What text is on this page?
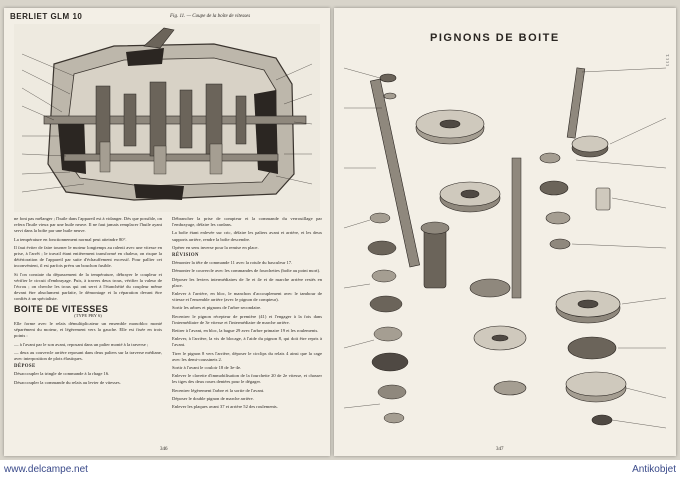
BERLIET GLM 10	Fig. 11. — Coupe de la boîte de vitesses

ne font pas mélanger ; l'huile dans l'appareil est à vidanger. Dès que possible, on refera l'huile vieux par une huile neuve. Il ne faut jamais remplacer l'huile ayant servi dans la boîte par une huile neuve.

La température en fonctionnement normal peut atteindre 80°.

Il faut éviter de faire tourner le moteur longtemps au ralenti avec une vitesse en prise, à l'arrêt ; le travail étant entièrement transformé en chaleur, on risque la détérioration de l'appareil par suite d'échauffement excessif. Pour pallier cet inconvénient, il est parfois prévu un bouchon fusible.

Si l'on constate du dépassement de la température, débrayer le coupleur et vérifier le circuit d'embrayage. Puis, à travers deux trous, vérifier la valeur de l'écrou ; on cherche les trous qui ont servi à l'étanchéité du coupleur même devant être absolument parfaite, le démontage et la réparation devant être confiés à un spécialiste.

BOITE DE VITESSES
(TYPE PRY 6)

Elle forme avec le relais démultiplicateur un ensemble monobloc monté séparément du moteur, et légèrement vers la gauche. Elle est fixée en trois points :

— à l'avant par le son avant, reposant dans un palier monté à la traverse ;

— deux au couvercle arrière reposant dans deux paliers sur la traverse médiane, avec interposition de plots élastiques.

DÉPOSE

Désaccoupler la tringle de commande à la rhage 16.

Désaccoupler la commande du relais au levier de vitesses.

Débrancher la prise de compteur et la commande du verrouillage par l'embrayage, défaire les cardans.

La boîte étant enlevée sur cric, défaire les paliers avant et arrière, et les deux supports arrière, rendre la boîte descendre.

Opérer en sens inverse pour la remise en place.

RÉVISION

Démonter la tête de commande 11 avec la rotule du basculeur 17.

Démonter le couvercle avec les commandes de fourchettes (boîte au point mort).

Déposer les leviers intermédiaires de 3e et 4e et de marche arrière restés en place.

Enlever à l'arrière, en bloc, le manchon d'accouplement avec le tambour de vitesse et l'ensemble arrière (avec le pignon de compteur).

Sortir les arbres et pignons de l'arbre secondaire.

Recentrer le pignon récepteur de première (41) et l'engager à la fois dans l'intermédiaire de 3e vitesse et l'intermédiaire de marche arrière.

Retirer à l'avant, en bloc, la bague 29 avec l'arbre primaire 19 et les roulements.

Enlever, à l'arrière, la vis de blocage, à l'aide du pignon 8, qui doit être repris à l'avant.

Tirer le pignon 8 vers l'arrière, déposer le circlips du relais 4 ainsi que la cage avec les demi-coussinets 2.

Sortir à l'avant le couloir 18 de 3e-4e.

Enlever le clavette d'immobilisation de la fourchette 20 de 2e vitesse, et chasser les tiges des deux roues dentées pour le dégager.

Recentrer légèrement l'arbre et la sortie de l'avant.

Déposer le double pignon de marche arrière.

Enlever les plaques avant 37 et arrière 52 des roulements.

346
PIGNONS DE BOITE
T. 3 3 3
347
www.delcampe.net	Antikobjet
